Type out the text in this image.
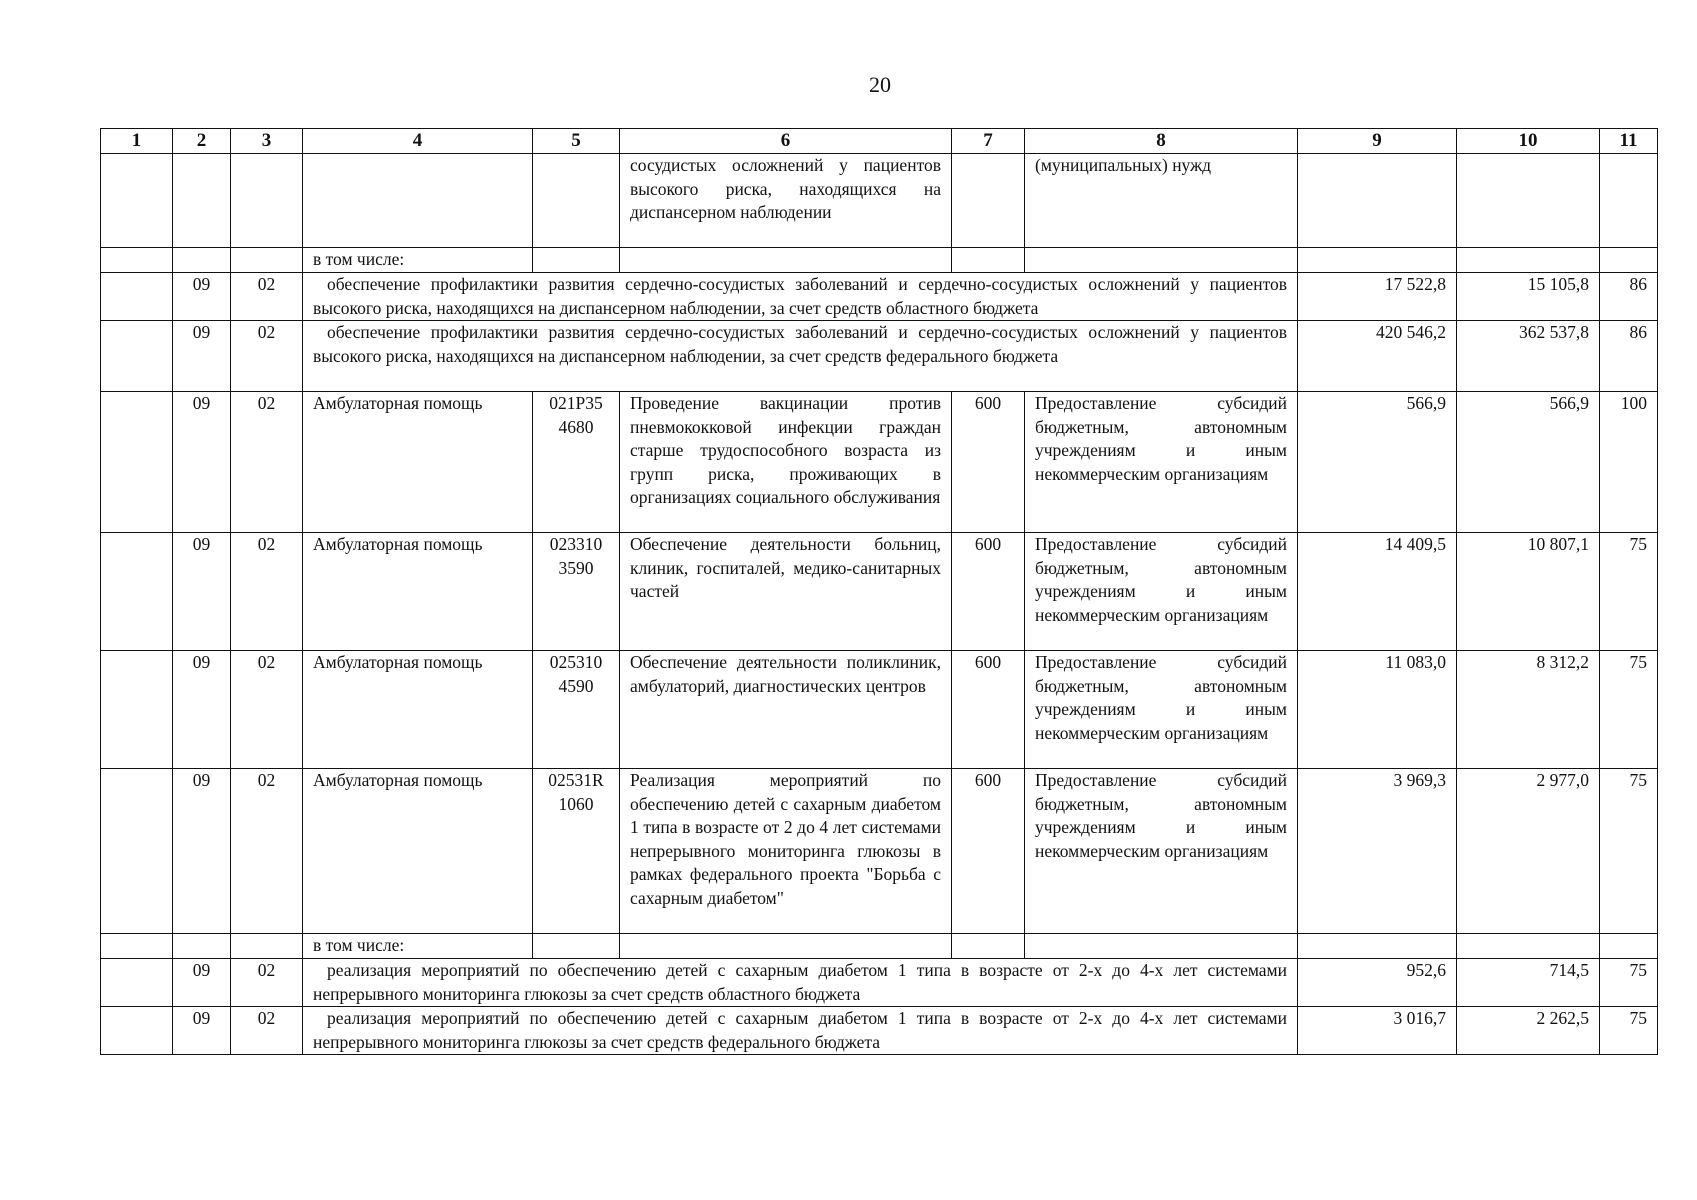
20
1	2	3	4	5	6	7	8	9	10	11
					сосудистых осложнений у пациентов высокого риска, находящихся на диспансерном наблюдении		(муниципальных) нужд			
			в том числе:							
	09	02	обеспечение профилактики развития сердечно-сосудистых заболеваний и сердечно-сосудистых осложнений у пациентов высокого риска, находящихся на диспансерном наблюдении, за счет средств областного бюджета					17 522,8	15 105,8	86
	09	02	обеспечение профилактики развития сердечно-сосудистых заболеваний и сердечно-сосудистых осложнений у пациентов высокого риска, находящихся на диспансерном наблюдении, за счет средств федерального бюджета					420 546,2	362 537,8	86
	09	02	Амбулаторная помощь	021Р35
4680	Проведение вакцинации против пневмококковой инфекции граждан старше трудоспособного возраста из групп риска, проживающих в организациях социального обслуживания	600	Предоставление субсидий бюджетным, автономным учреждениям и иным некоммерческим организациям	566,9	566,9	100
	09	02	Амбулаторная помощь	023310
3590	Обеспечение деятельности больниц, клиник, госпиталей, медико-санитарных частей	600	Предоставление субсидий бюджетным, автономным учреждениям и иным некоммерческим организациям	14 409,5	10 807,1	75
	09	02	Амбулаторная помощь	025310
4590	Обеспечение деятельности поликлиник, амбулаторий, диагностических центров	600	Предоставление субсидий бюджетным, автономным учреждениям и иным некоммерческим организациям	11 083,0	8 312,2	75
	09	02	Амбулаторная помощь	02531R
1060	Реализация мероприятий по обеспечению детей с сахарным диабетом 1 типа в возрасте от 2 до 4 лет системами непрерывного мониторинга глюкозы в рамках федерального проекта "Борьба с сахарным диабетом"	600	Предоставление субсидий бюджетным, автономным учреждениям и иным некоммерческим организациям	3 969,3	2 977,0	75
			в том числе:							
	09	02	реализация мероприятий по обеспечению детей с сахарным диабетом 1 типа в возрасте от 2-х до 4-х лет системами непрерывного мониторинга глюкозы за счет средств областного бюджета					952,6	714,5	75
	09	02	реализация мероприятий по обеспечению детей с сахарным диабетом 1 типа в возрасте от 2-х до 4-х лет системами непрерывного мониторинга глюкозы за счет средств федерального бюджета					3 016,7	2 262,5	75
